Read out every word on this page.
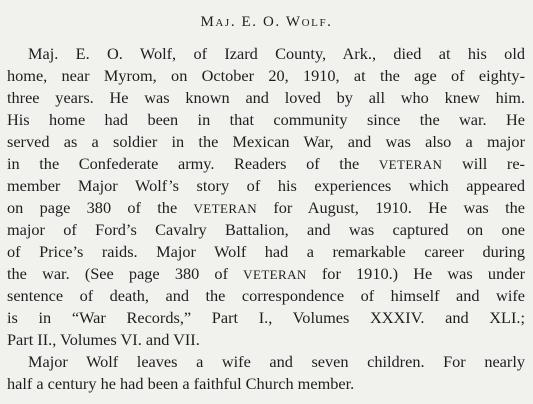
Maj. E. O. Wolf.
Maj. E. O. Wolf, of Izard County, Ark., died at his old
home, near Myrom, on October 20, 1910, at the age of eighty-
three years. He was known and loved by all who knew him.
His home had been in that community since the war. He
served as a soldier in the Mexican War, and was also a major
in the Confederate army. Readers of the VETERAN will re-
member Major Wolf’s story of his experiences which appeared
on page 380 of the VETERAN for August, 1910. He was the
major of Ford’s Cavalry Battalion, and was captured on one
of Price’s raids. Major Wolf had a remarkable career during
the war. (See page 380 of VETERAN for 1910.) He was under
sentence of death, and the correspondence of himself and wife
is in “War Records,” Part I., Volumes XXXIV. and XLI.;
Part II., Volumes VI. and VII.
Major Wolf leaves a wife and seven children. For nearly
half a century he had been a faithful Church member.
